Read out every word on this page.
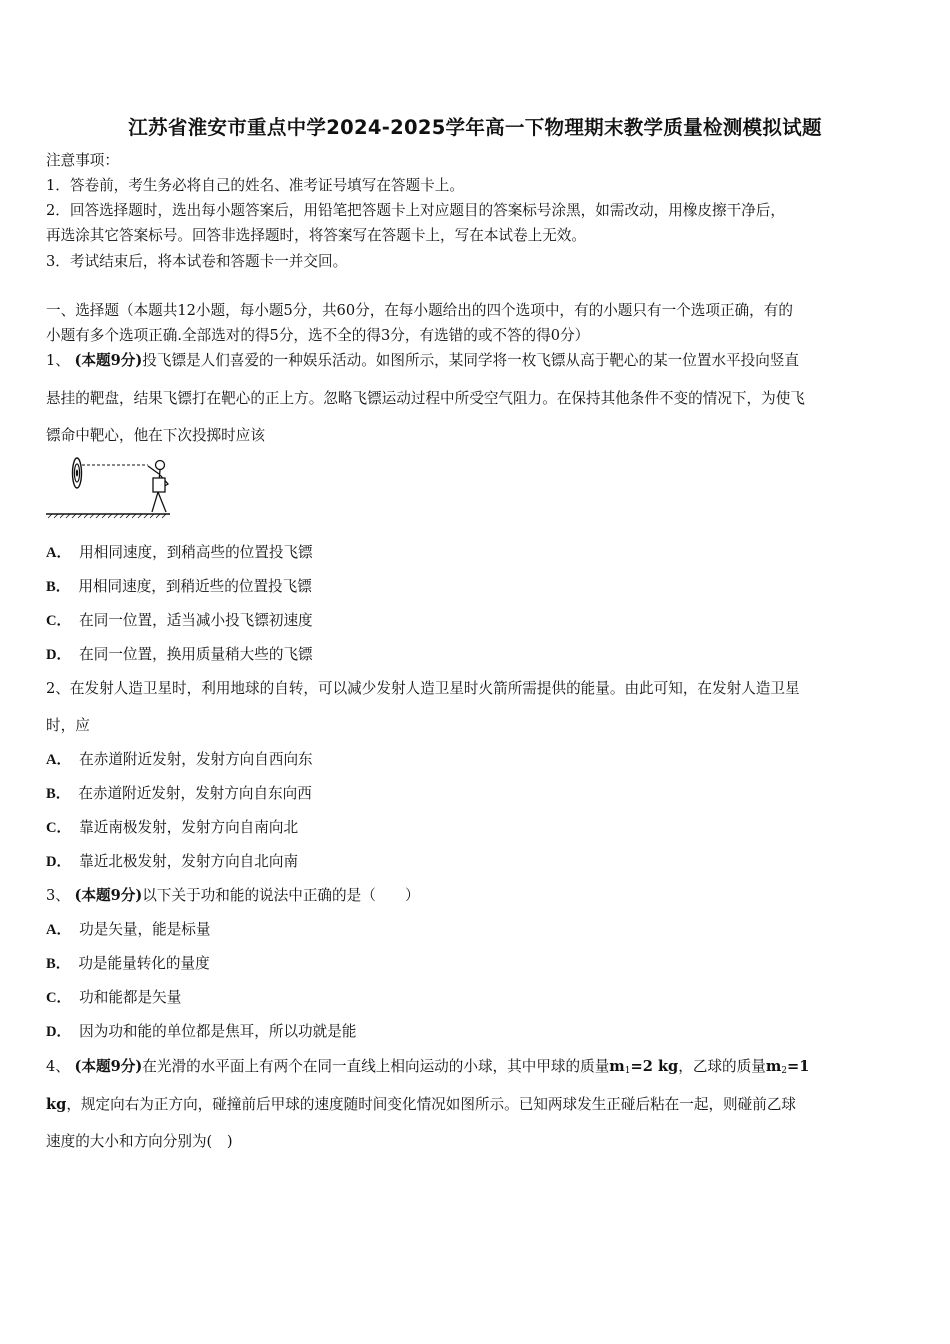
江苏省淮安市重点中学2024-2025学年高一下物理期末教学质量检测模拟试题
注意事项：
1．答卷前，考生务必将自己的姓名、准考证号填写在答题卡上。
2．回答选择题时，选出每小题答案后，用铅笔把答题卡上对应题目的答案标号涂黑，如需改动，用橡皮擦干净后，
再选涂其它答案标号。回答非选择题时，将答案写在答题卡上，写在本试卷上无效。
3．考试结束后，将本试卷和答题卡一并交回。
一、选择题（本题共12小题，每小题5分，共60分，在每小题给出的四个选项中，有的小题只有一个选项正确，有的
小题有多个选项正确.全部选对的得5分，选不全的得3分，有选错的或不答的得0分）
1、 (本题9分)投飞镖是人们喜爱的一种娱乐活动。如图所示，某同学将一枚飞镖从高于靶心的某一位置水平投向竖直
悬挂的靶盘，结果飞镖打在靶心的正上方。忽略飞镖运动过程中所受空气阻力。在保持其他条件不变的情况下，为使飞
镖命中靶心，他在下次投掷时应该
A． 用相同速度，到稍高些的位置投飞镖
B． 用相同速度，到稍近些的位置投飞镖
C． 在同一位置，适当减小投飞镖初速度
D． 在同一位置，换用质量稍大些的飞镖
2、在发射人造卫星时，利用地球的自转，可以减少发射人造卫星时火箭所需提供的能量。由此可知，在发射人造卫星
时，应
A． 在赤道附近发射，发射方向自西向东
B． 在赤道附近发射，发射方向自东向西
C． 靠近南极发射，发射方向自南向北
D． 靠近北极发射，发射方向自北向南
3、 (本题9分)以下关于功和能的说法中正确的是（　　）
A． 功是矢量，能是标量
B． 功是能量转化的量度
C． 功和能都是矢量
D． 因为功和能的单位都是焦耳，所以功就是能
4、 (本题9分)在光滑的水平面上有两个在同一直线上相向运动的小球，其中甲球的质量$m_1=2$ kg，乙球的质量$m_2=1$
kg，规定向右为正方向，碰撞前后甲球的速度随时间变化情况如图所示。已知两球发生正碰后粘在一起，则碰前乙球
速度的大小和方向分别为(　)
